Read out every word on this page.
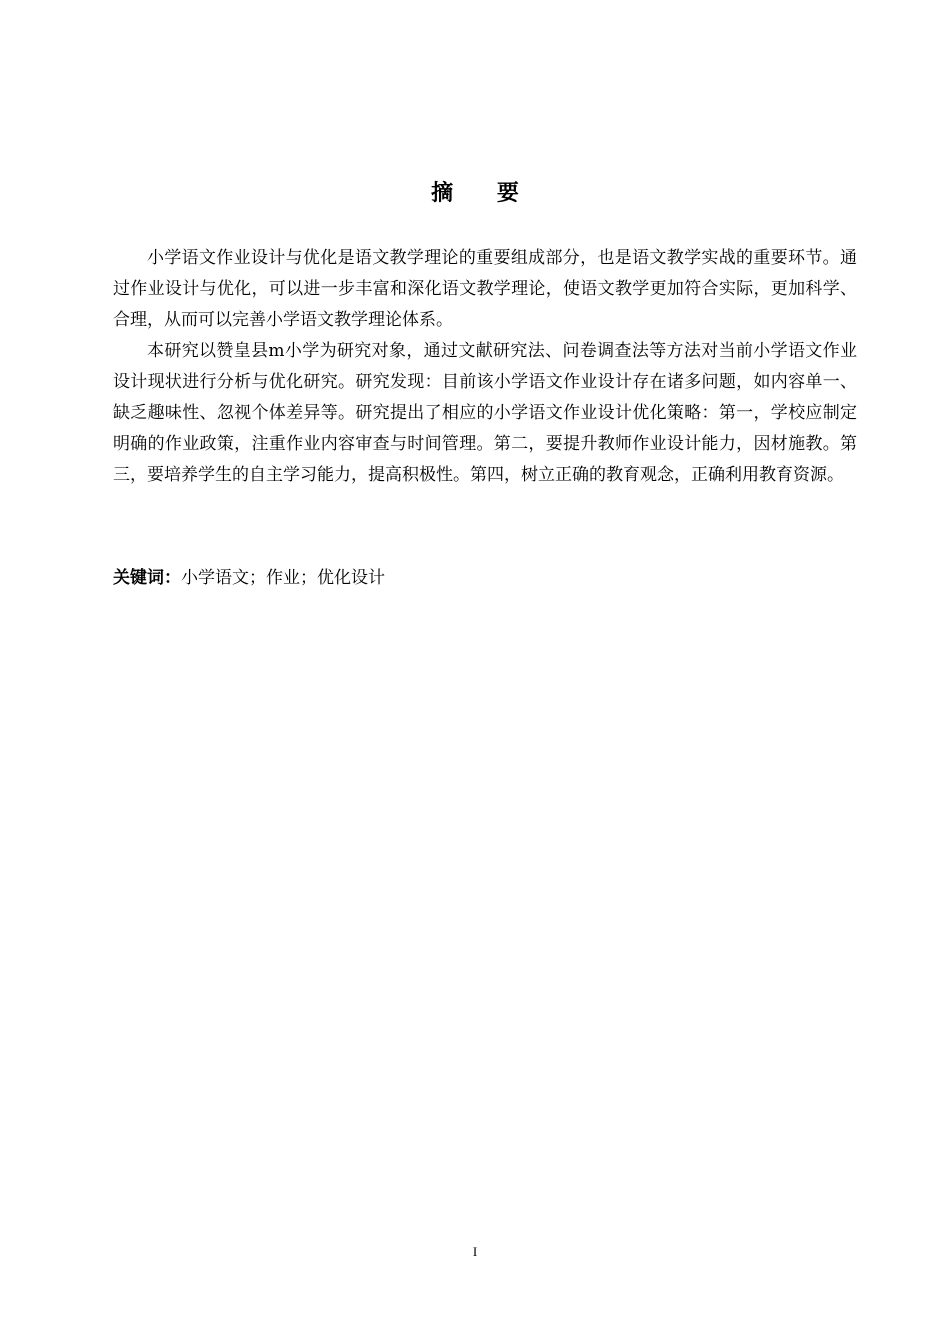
摘 要

小学语文作业设计与优化是语文教学理论的重要组成部分，也是语文教学实战的重要环节。通过作业设计与优化，可以进一步丰富和深化语文教学理论，使语文教学更加符合实际，更加科学、合理，从而可以完善小学语文教学理论体系。

本研究以赞皇县m小学为研究对象，通过文献研究法、问卷调查法等方法对当前小学语文作业设计现状进行分析与优化研究。研究发现：目前该小学语文作业设计存在诸多问题，如内容单一、缺乏趣味性、忽视个体差异等。研究提出了相应的小学语文作业设计优化策略：第一，学校应制定明确的作业政策，注重作业内容审查与时间管理。第二，要提升教师作业设计能力，因材施教。第三，要培养学生的自主学习能力，提高积极性。第四，树立正确的教育观念，正确利用教育资源。

关键词：小学语文；作业；优化设计
I
